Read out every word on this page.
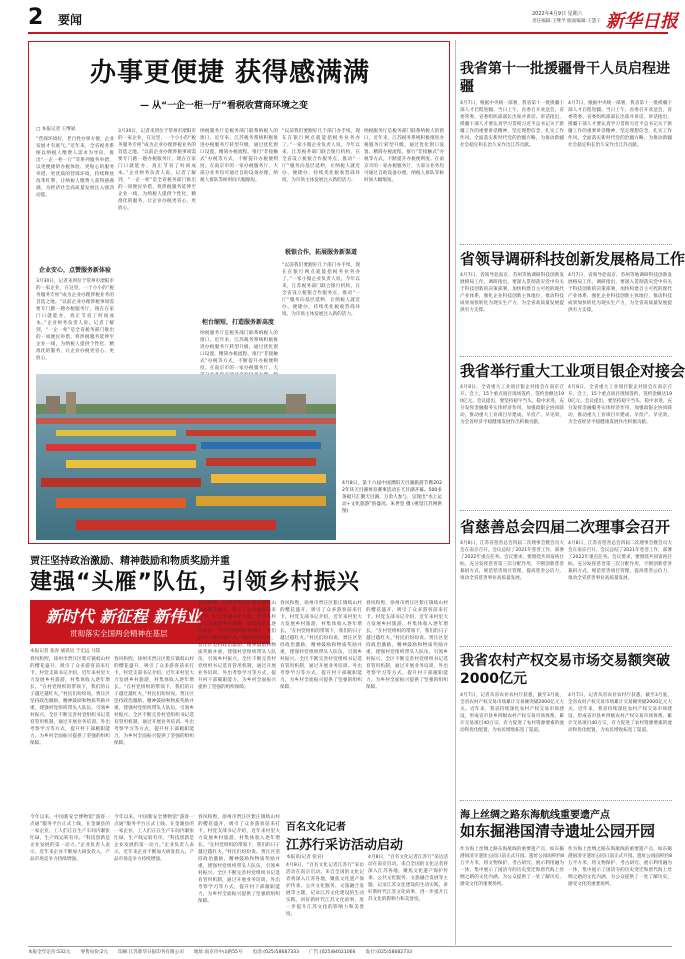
2 要闻	2022年4月9日 星期六
责任编辑:王继学 版面编辑:王慧子 新华日报
办事更便捷 获得感满满
— 从“一企一柜一厅”看税收营商环境之变
□ 本报记者 王继斌
“营商环境好，老百姓办事方便，企业发展才有底气。”近年来，全省税务系统以纳税人缴费人需求为导向，推出“一企一柜一厅”等系列服务举措，以更便捷的办税体验、更贴心的服务举措、更优质的营商环境，持续释放改革红利，让纳税人缴费人获得感满满，为经济社会高质量发展注入强劲动能。
企业安心，点赞服务新体验
3月30日，记者来到位于常州市溧阳市的一家企业，在这里，一个小小的“税务服务专柜”成为企业办理涉税业务的首选之地。“以前企业办理涉税事项需要专门跑一趟办税服务厅，现在在家门口就能办，真正节省了时间成本。”企业财务负责人说。记者了解到，“一企一柜”是全省税务部门推出的一项便民举措，将涉税服务延伸至企业一线，为纳税人提供个性化、精准化的服务，让企业办税更省心、更放心。
3月30日，记者来到位于常州市溧阳市的一家企业，在这里，一个小小的“税务服务专柜”成为企业办理涉税业务的首选之地。“以前企业办理涉税事项需要专门跑一趟办税服务厅，现在在家门口就能办，真正节省了时间成本。”企业财务负责人说。记者了解到，“一企一柜”是全省税务部门推出的一项便民举措，将涉税服务延伸至企业一线，为纳税人提供个性化、精准化的服务，让企业办税更省心、更放心。
柜台缩短，打造服务新高度
纳税服务厅是税务部门联系纳税人的窗口。近年来，江苏税务系统积极推进办税服务厅转型升级，通过优化窗口设置、精简办税流程、推行“非接触式”办税等方式，不断提升办税便利度。在南京市的一家办税服务厅，大部分业务均可通过自助设备办理，纳税人排队等候时间大幅缩短。
纳税服务厅是税务部门联系纳税人的窗口。近年来，江苏税务系统积极推进办税服务厅转型升级，通过优化窗口设置、精简办税流程、推行“非接触式”办税等方式，不断提升办税便利度。在南京市的一家办税服务厅，大
“以前我们要跑好几个部门办手续，现在在银行网点就能把税务业务办了。”一家小微企业负责人说。今年以来，江苏税务部门联合银行机构，在全省设立税银合作服务点，推动“一厅”服务向基层延伸，让纳税人就近办、便捷办，持续优化税收营商环境，为市场主体发展注入新的活力。
税银合作，拓展服务新渠道
“以前我们要跑好几个部门办手续，现在在银行网点就能把税务业务办了。”一家小微企业负责人说。今年以来，江苏税务部门联合银行机构，在全省设立税银合作服务点，推动“一厅”服务向基层延伸，让纳税人就近办、便捷办，持续优化税收营商环境，为市场主体发展注入新的活力。
纳税服务厅是税务部门联系纳税人的窗口。近年来，江苏税务系统积极推进办税服务厅转型升级，通过优化窗口设置、精简办税流程、推行“非接触式”办税等方式，不断提升办税便利度。在南京市的一家办税服务厅，大部分业务均可通过自助设备办理，纳税人排队等候时间大幅缩短。
4月8日，第十六届中国溧阳天目湖旅游节暨2022年环天目湖体育赛事活动在天目湖开幕。500多条船只汇聚天目湖，万余人参与，呈现出“水上运动+文化旅游”的盛况。朱世坚 摄 (视觉江苏网供图)
贾汪坚持政治激励、精神鼓励和物质奖励并重
建强“头雁”队伍，引领乡村振兴
新时代 新征程 新伟业
贯彻落实全国两会精神在基层
本报记者 张涛 通讯员 于宏远 马喆
春风和煦，徐州市贾汪区紫庄镇岐山村的樱花盛开，吸引了众多游客前来打卡。村党支部书记介绍，近年来村里大力发展乡村旅游，村集体收入逐年增长。“在村党组织的带领下，我们的日子越过越红火。”村民们纷纷说。贾汪区坚持政治激励、精神鼓励和物质奖励并重，建强村党组织带头人队伍，引领乡村振兴。全区不断完善村党组织书记选育管用机制，通过开展业务培训、外出考察学习等方式，提升村干部履职能力，为乡村全面振兴提供了坚强的组织保障。
春风和煦，徐州市贾汪区紫庄镇岐山村的樱花盛开，吸引了众多游客前来打卡。村党支部书记介绍，近年来村里大力发展乡村旅游，村集体收入逐年增长。“在村党组织的带领下，我们的日子越过越红火。”村民们纷纷说。贾汪区坚持政治激励、精神鼓励和物质奖励并重，建强村党组织带头人队伍，引领乡村振兴。全区不断完善村党组织书记选育管用机制，通过开展业务培训、外出考察学习等方式，提升村干部履职能力，为乡村全面振兴提供了坚强的组织保障。
春风和煦，徐州市贾汪区紫庄镇岐山村的樱花盛开，吸引了众多游客前来打卡。村党支部书记介绍，近年来村里大力发展乡村旅游，村集体收入逐年增长。“在村党组织的带领下，我们的日子越过越红火。”村民们纷纷说。贾汪区坚持政治激励、精神鼓励和物质奖励并重，建强村党组织带头人队伍，引领乡村振兴。全区不断完善村党组织书记选育管用机制，通过开展业务培训、外出考察学习等方式，提升村干部履职能力，为乡村全面振兴提供了坚强的组织保障。
春风和煦，徐州市贾汪区紫庄镇岐山村的樱花盛开，吸引了众多游客前来打卡。村党支部书记介绍，近年来村里大力发展乡村旅游，村集体收入逐年增长。“在村党组织的带领下，我们的日子越过越红火。”村民们纷纷说。贾汪区坚持政治激励、精神鼓励和物质奖励并重，建强村党组织带头人队伍，引领乡村振兴。全区不断完善村党组织书记选育管用机制，通过开展业务培训、外出考察学习等方式，提升村干部履职能力，为乡村全面振兴提供了坚强的组织保障。
春风和煦，徐州市贾汪区紫庄镇岐山村的樱花盛开，吸引了众多游客前来打卡。村党支部书记介绍，近年来村里大力发展乡村旅游，村集体收入逐年增长。“在村党组织的带领下，我们的日子越过越红火。”村民们纷纷说。贾汪区坚持政治激励、精神鼓励和物质奖励并重，建强村党组织带头人队伍，引领乡村振兴。全区不断完善村党组织书记选育管用机制，通过开展业务培训、外出考察学习等方式，提升村干部履职能力，为乡村全面振兴提供了坚强的组织保障。
今年以来，中国新安全博物馆“游客一点通”服务平台正式上线。在金湖县的一家企业，工人们正在生产车间内紧张忙碌，生产线运转有序。“科技创新是企业发展的第一动力。”企业负责人表示，近年来企业不断加大研发投入，产品市场竞争力持续增强。
今年以来，中国新安全博物馆“游客一点通”服务平台正式上线。在金湖县的一家企业，工人们正在生产车间内紧张忙碌，生产线运转有序。“科技创新是企业发展的第一动力。”企业负责人表示，近年来企业不断加大研发投入，产品市场竞争力持续增强。
春风和煦，徐州市贾汪区紫庄镇岐山村的樱花盛开，吸引了众多游客前来打卡。村党支部书记介绍，近年来村里大力发展乡村旅游，村集体收入逐年增长。“在村党组织的带领下，我们的日子越过越红火。”村民们纷纷说。贾汪区坚持政治激励、精神鼓励和物质奖励并重，建强村党组织带头人队伍，引领乡村振兴。全区不断完善村党组织书记选育管用机制，通过开展业务培训、外出考察学习等方式，提升村干部履职能力，为乡村全面振兴提供了坚强的组织保障。
百名文化记者
江苏行采访活动启动
本报讯(记者 张宣)
4月8日，“百名文化记者江苏行”采访活动在南京启动。来自全国的文化记者将深入江苏各地，聚焦文化遗产保护传承、公共文化服务、文旅融合发展等主题，记录江苏文化建设的生动实践，讲好新时代江苏文化故事，进一步提升江苏文化的影响力和美誉度。
4月8日，“百名文化记者江苏行”采访活动在南京启动。来自全国的文化记者将深入江苏各地，聚焦文化遗产保护传承、公共文化服务、文旅融合发展等主题，记录江苏文化建设的生动实践，讲好新时代江苏文化故事，进一步提升江苏文化的影响力和美誉度。
我省第十一批援疆骨干人员启程进疆
4月7日，根据中央统一部署，我省第十一批援疆干部人才启程进疆。当日上午，省委召开欢送会，省委常委、省委组织部部长出席并讲话。讲话指出，援疆干部人才要认真学习贯彻习近平总书记关于新疆工作的重要讲话精神，坚定理想信念，扎实工作作风，全面落实新时代党的治疆方略，为推动新疆社会稳定和长治久安作出江苏贡献。
4月7日，根据中央统一部署，我省第十一批援疆干部人才启程进疆。当日上午，省委召开欢送会，省委常委、省委组织部部长出席并讲话。讲话指出，援疆干部人才要认真学习贯彻习近平总书记关于新疆工作的重要讲话精神，坚定理想信念，扎实工作作风，全面落实新时代党的治疆方略，为推动新疆社会稳定和长治久安作出江苏贡献。
省领导调研科技创新发展格局工作
4月7日，省领导赴南京、苏州等地调研科技创新发展格局工作。调研指出，要深入贯彻落实党中央关于科技创新的决策部署，加快构建自主可控的现代产业体系，强化企业科技创新主体地位，推动科技成果加快转化为现实生产力，为全省高质量发展提供有力支撑。
4月7日，省领导赴南京、苏州等地调研科技创新发展格局工作。调研指出，要深入贯彻落实党中央关于科技创新的决策部署，加快构建自主可控的现代产业体系，强化企业科技创新主体地位，推动科技成果加快转化为现实生产力，为全省高质量发展提供有力支撑。
我省举行重大工业项目银企对接会
4月8日，全省重大工业项目银企对接会在南京召开。会上，15个重点项目现场签约，签约金额达190亿元。会议提出，要坚持稳字当头、稳中求进，充分发挥金融服务实体经济作用，加强政银企协同联动，推动重大工业项目早建成、早投产、早见效，为全省经济平稳健康发展作出积极贡献。
4月8日，全省重大工业项目银企对接会在南京召开。会上，15个重点项目现场签约，签约金额达190亿元。会议提出，要坚持稳字当头、稳中求进，充分发挥金融服务实体经济作用，加强政银企协同联动，推动重大工业项目早建成、早投产、早见效，为全省经济平稳健康发展作出积极贡献。
省慈善总会四届二次理事会召开
4月8日，江苏省慈善总会四届二次理事会暨会员大会在南京召开。会议总结了2021年慈善工作，部署了2022年重点任务。会议要求，要围绕共同富裕目标，充分发挥慈善第三次分配作用，不断创新慈善募捐方式，规范慈善项目管理，提高慈善公信力，推动全省慈善事业高质量发展。
4月8日，江苏省慈善总会四届二次理事会暨会员大会在南京召开。会议总结了2021年慈善工作，部署了2022年重点任务。会议要求，要围绕共同富裕目标，充分发挥慈善第三次分配作用，不断创新慈善募捐方式，规范慈善项目管理，提高慈善公信力，推动全省慈善事业高质量发展。
我省农村产权交易市场交易额突破2000亿元
4月7日，记者从省农业农村厅获悉，截至3月底，全省农村产权交易市场累计交易额突破2000亿元大关。近年来，我省持续深化农村产权交易市场建设，形成省市县乡四级农村产权交易市场体系，累计交易项目40万宗，有力促进了农村资源要素的流动和优化配置，为农民增收拓宽了渠道。
4月7日，记者从省农业农村厅获悉，截至3月底，全省农村产权交易市场累计交易额突破2000亿元大关。近年来，我省持续深化农村产权交易市场建设，形成省市县乡四级农村产权交易市场体系，累计交易项目40万宗，有力促进了农村资源要素的流动和优化配置，为农民增收拓宽了渠道。
海上丝绸之路东海航线重要遗产点
如东掘港国清寺遗址公园开园
作为海上丝绸之路东海航线的重要遗产点，如东掘港国清寺遗址公园日前正式开园。遗址公园面积约8万平方米，将文物保护、考古研究、展示利用融为一体，集中展示了国清寺的历史变迁和唐代海上丝绸之路的文化内涵，为公众提供了一处了解历史、感受文化的重要场所。
作为海上丝绸之路东海航线的重要遗产点，如东掘港国清寺遗址公园日前正式开园。遗址公园面积约8万平方米，将文物保护、考古研究、展示利用融为一体，集中展示了国清寺的历史变迁和唐代海上丝绸之路的文化内涵，为公众提供了一处了解历史、感受文化的重要场所。
本报全年定价:532元 零售每份:2元 印刷:江苏新华日报印务有限公司 地址:南京市中山路55号 电话:(025)58687333 广告:(025)84021066 发行:(025)58682733
